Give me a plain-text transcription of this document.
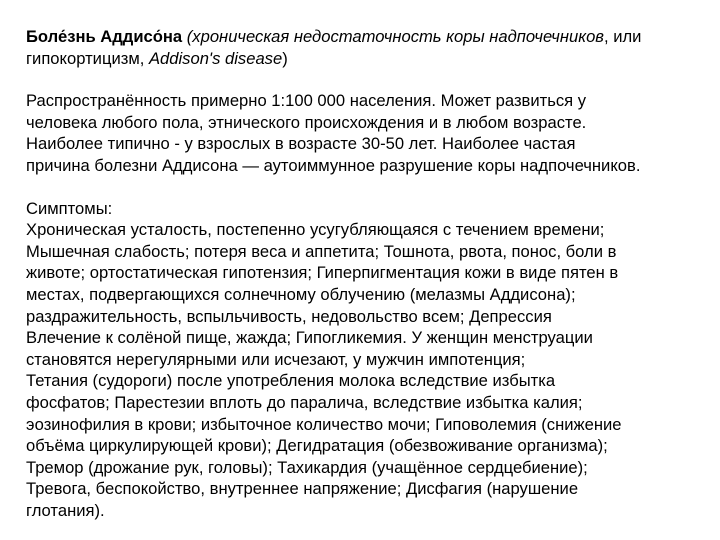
Боле́знь Аддисо́на (хроническая недостаточность коры надпочечников, или
гипокортицизм, Addison's disease)
Распространённость примерно 1:100 000 населения. Может развиться у
человека любого пола, этнического происхождения и в любом возрасте.
Наиболее типично - у взрослых в возрасте 30-50 лет. Наиболее частая
причина болезни Аддисона — аутоиммунное разрушение коры надпочечников.
Симптомы:
Хроническая усталость, постепенно усугубляющаяся с течением времени;
Мышечная слабость; потеря веса и аппетита; Тошнота, рвота, понос, боли в
животе; ортостатическая гипотензия; Гиперпигментация кожи в виде пятен в
местах, подвергающихся солнечному облучению (мелазмы Аддисона);
раздражительность, вспыльчивость, недовольство всем; Депрессия
Влечение к солёной пище, жажда; Гипогликемия. У женщин менструации
становятся нерегулярными или исчезают, у мужчин импотенция;
Тетания (судороги) после употребления молока вследствие избытка
фосфатов; Парестезии вплоть до паралича, вследствие избытка калия;
эозинофилия в крови; избыточное количество мочи; Гиповолемия (снижение
объёма циркулирующей крови); Дегидратация (обезвоживание организма);
Тремор (дрожание рук, головы); Тахикардия (учащённое сердцебиение);
Тревога, беспокойство, внутреннее напряжение; Дисфагия (нарушение
глотания).
